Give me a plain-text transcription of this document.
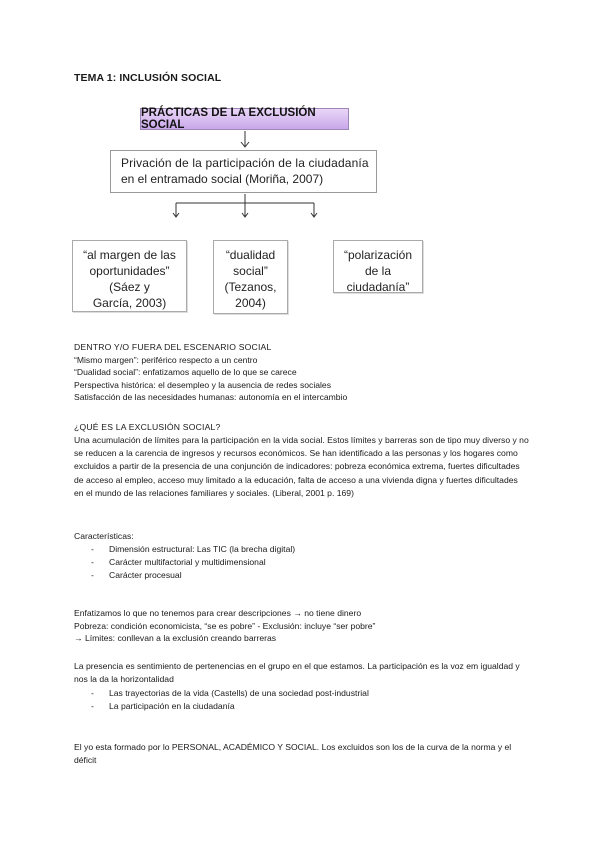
TEMA 1: INCLUSIÓN SOCIAL
PRÁCTICAS DE LA EXCLUSIÓN SOCIAL
Privación de la participación de la ciudadanía
en el entramado social (Moriña, 2007)
“al margen de las
oportunidades”
(Sáez y
García, 2003)
“dualidad
social”
(Tezanos,
2004)
“polarización
de la
ciudadanía”
DENTRO Y/O FUERA DEL ESCENARIO SOCIAL
“Mismo margen”: periférico respecto a un centro
“Dualidad social”: enfatizamos aquello de lo que se carece
Perspectiva histórica: el desempleo y la ausencia de redes sociales
Satisfacción de las necesidades humanas: autonomía en el intercambio
¿QUÉ ES LA EXCLUSIÓN SOCIAL?
Una acumulación de límites para la participación en la vida social. Estos límites y barreras son de tipo muy diverso y no se reducen a la carencia de ingresos y recursos económicos. Se han identificado a las personas y los hogares como excluidos a partir de la presencia de una conjunción de indicadores: pobreza económica extrema, fuertes dificultades de acceso al empleo, acceso muy limitado a la educación, falta de acceso a una vivienda digna y fuertes dificultades en el mundo de las relaciones familiares y sociales. (Liberal, 2001 p. 169)
Características:
- Dimensión estructural: Las TIC (la brecha digital)
- Carácter multifactorial y multidimensional
- Carácter procesual
Enfatizamos lo que no tenemos para crear descripciones → no tiene dinero
Pobreza: condición economicista, “se es pobre” - Exclusión: incluye “ser pobre”
→ Límites: conllevan a la exclusión creando barreras
La presencia es sentimiento de pertenencias en el grupo en el que estamos. La participación es la voz em igualdad y nos la da la horizontalidad
- Las trayectorias de la vida (Castells) de una sociedad post-industrial
- La participación en la ciudadanía
El yo esta formado por lo PERSONAL, ACADÉMICO Y SOCIAL. Los excluidos son los de la curva de la norma y el déficit
